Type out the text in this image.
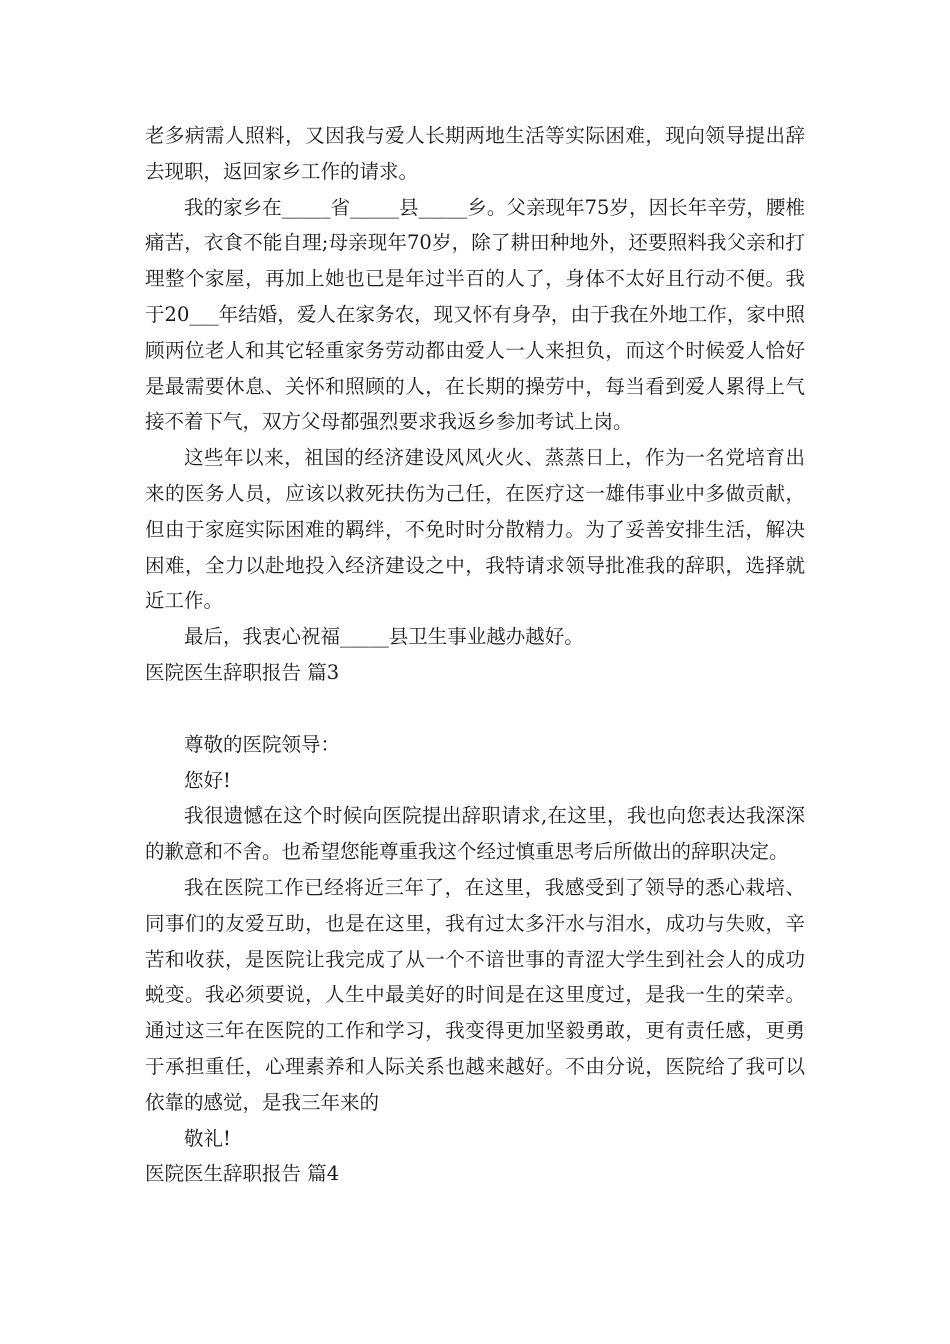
老多病需人照料，又因我与爱人长期两地生活等实际困难，现向领导提出辞去现职，返回家乡工作的请求。

我的家乡在_____省_____县_____乡。父亲现年75岁，因长年辛劳，腰椎痛苦，衣食不能自理;母亲现年70岁，除了耕田种地外，还要照料我父亲和打理整个家屋，再加上她也已是年过半百的人了，身体不太好且行动不便。我于20___年结婚，爱人在家务农，现又怀有身孕，由于我在外地工作，家中照顾两位老人和其它轻重家务劳动都由爱人一人来担负，而这个时候爱人恰好是最需要休息、关怀和照顾的人，在长期的操劳中，每当看到爱人累得上气接不着下气，双方父母都强烈要求我返乡参加考试上岗。

这些年以来，祖国的经济建设风风火火、蒸蒸日上，作为一名党培育出来的医务人员，应该以救死扶伤为己任，在医疗这一雄伟事业中多做贡献，但由于家庭实际困难的羁绊，不免时时分散精力。为了妥善安排生活，解决困难，全力以赴地投入经济建设之中，我特请求领导批准我的辞职，选择就近工作。

最后，我衷心祝福_____县卫生事业越办越好。

医院医生辞职报告 篇3

尊敬的医院领导：

您好!

我很遗憾在这个时候向医院提出辞职请求,在这里，我也向您表达我深深的歉意和不舍。也希望您能尊重我这个经过慎重思考后所做出的辞职决定。

我在医院工作已经将近三年了，在这里，我感受到了领导的悉心栽培、同事们的友爱互助，也是在这里，我有过太多汗水与泪水，成功与失败，辛苦和收获，是医院让我完成了从一个不谙世事的青涩大学生到社会人的成功蜕变。我必须要说，人生中最美好的时间是在这里度过，是我一生的荣幸。通过这三年在医院的工作和学习，我变得更加坚毅勇敢，更有责任感，更勇于承担重任，心理素养和人际关系也越来越好。不由分说，医院给了我可以依靠的感觉，是我三年来的

敬礼!

医院医生辞职报告 篇4
